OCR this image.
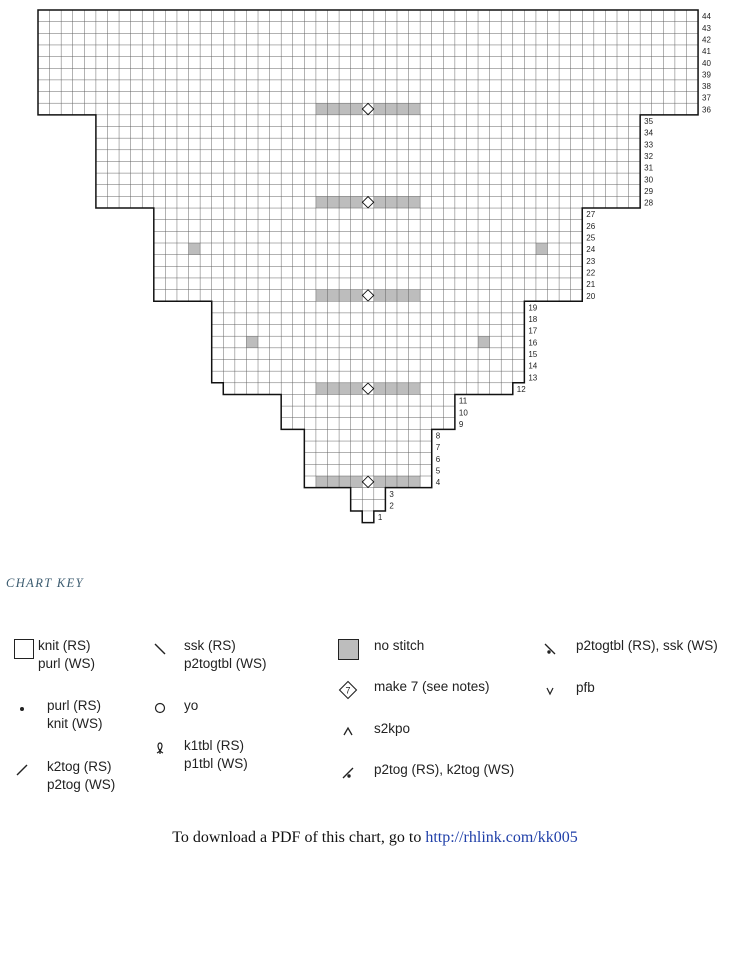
44
43
42
41
40
39
38
37
36
35
34
33
32
31
30
29
28
27
26
25
24
23
22
21
20
19
18
17
16
15
14
13
12
11
10
9
8
7
6
5
4
3
2
1
CHART KEY
knit (RS)
purl (WS)
purl (RS)
knit (WS)
k2tog (RS)
p2tog (WS)
ssk (RS)
p2togtbl (WS)
yo
k1tbl (RS)
p1tbl (WS)
no stitch
7 make 7 (see notes)
s2kpo
p2tog (RS), k2tog (WS)
p2togtbl (RS), ssk (WS)
pfb
To download a PDF of this chart, go to http://rhlink.com/kk005
